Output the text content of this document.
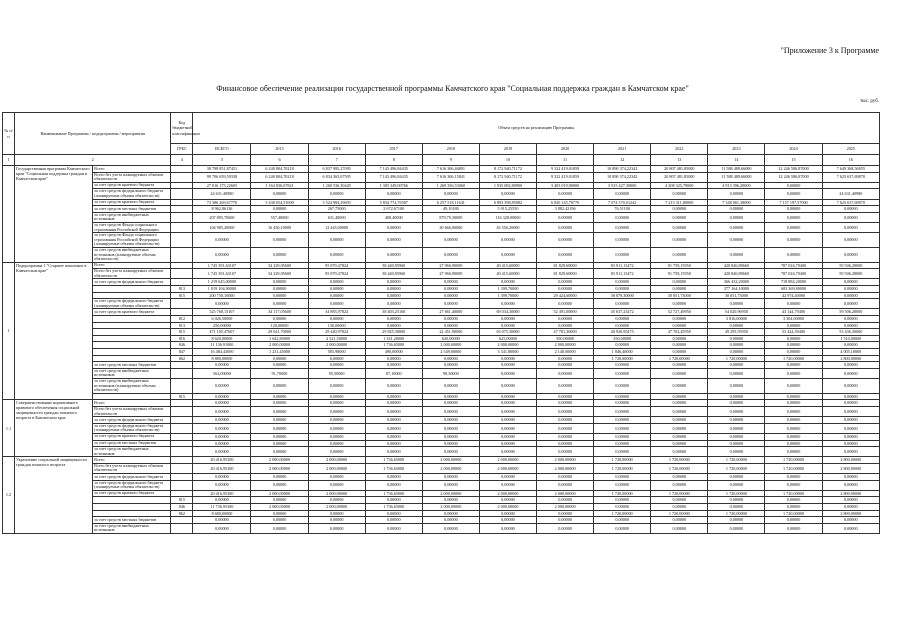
"Приложение 3 к Программе
Финансовое обеспечение реализации государственной программы Камчатского края "Социальная поддержка граждан в Камчатском крае"
тыс. руб.
№ п/п	Наименование Программы / подпрограммы / мероприятия		Код бюджетной классификации	Объем средств на реализацию Программы											
			ГРБС	ВСЕГО	2015	2016	2017	2018	2019	2020	2021	2022	2023	2024	2025
1	2		4	5	6	7	8	9	10	11	12	13	14	15	16
	Государственная программа Камчатского края "Социальная поддержка граждан в Камчатском крае"	Всего		38 798 851,87451	6 240 804,70218	6 837 985,27095	7 143 496,84435	7 616 306,46891	8 172 940,71172	9 322 419,01859	10 890 374,22342	20 807 481,85000	11 588 489,66000	12 246 586,87000	7 649 368,56855
		Всего без учета планируемых объемов обязательств		99 706 659,59338	6 240 804,70218	6 834 365,07595	7 143 496,84435	7 616 306,15841	8 172 940,71172	9 322 419,01859	10 890 374,22342	20 807 481,85000	11 588 489,66000	12 246 586,87000	7 625 637,69870
		за счет средств краевого бюджета		27 016 175,22605	1 164 836,67821	1 260 536,30445	1 305 349,00766	1 269 356,53060	1 935 082,80900	3 403 019,90000	3 915 427,30000	4 208 325,79000	4 913 396,20000	0,00000	
		за счет средств федерального бюджета (планируемые объемы обязательств)		24 631,40980	0,00000	0,00000	0,00000	0,00000	0,00000	0,00000	0,00000	0,00000	0,00000	0,00000	24 631,40980
		за счет средств краевого бюджета		73 386 269,67770	5 438 654,51000	5 524 984,29693	5 834 774,76587	6 257 518,11641	6 893 398,85082	6 820 145,76770	7 074 570,01242	7 213 311,80000	7 348 061,38000	7 157 197,57000	7 625 637,69870
		за счет средств местных бюджетов		8 962,86136	0,00000	267,75000	2 672,67100	49,10180	5 915,25550	3 882,42196	76,51100	0,00000	0,00000	0,00000	0,00000
		за счет средств внебюджетных источников		207 895,70600	557,40000	631,40000	400,40000	879,79,30000	116 328,00000	0,00000	0,00000	0,00000	0,00000	0,00000	0,00000
		за счет средств Фонда социального страхования Российской Федерации		104 985,20000	16 450,10000	12 443,00000	0,00000	30 666,00000	45 556,20000	0,00000	0,00000	0,00000	0,00000	0,00000	0,00000
		за счет средств Фонда социального страхования Российской Федерации (планируемые объемы обязательств)		0,00000	0,00000	0,00000	0,00000	0,00000	0,00000	0,00000	0,00000	0,00000	0,00000	0,00000	0,00000
		за счет средств внебюджетных источников (планируемые объемы обязательств)		0,00000	0,00000	0,00000	0,00000	0,00000	0,00000	0,00000	0,00000	0,00000	0,00000	0,00000	0,00000
1	Подпрограмма 1 "Старшее поколение в Камчатском крае"	Всего		1 745 391,63107	34 229,05600	95 879,47824	38 440,95960	27 966,90000	40 415,60000	81 829,60000	83 911,13472	91 759,15950	420 846,89660	787 024,79400	59 506,28000
		Всего без учета планируемых объемов обязательств		1 745 391,63107	34 229,05600	95 879,47824	38 440,95960	27 966,90000	40 415,60000	81 829,60000	83 911,13472	91 759,15950	420 846,89660	787 024,79400	59 506,28000
		за счет средств федерального бюджета		1 219 645,00000	0,00000	0,00000	0,00000	0,00000	0,00000	0,00000	0,00000	0,00000	366 432,20000	718 884,20000	0,00000
			813	1 019 104,90000	0,00000	0,00000	0,00000	0,00000	1 399,70000	0,00000	0,00000	0,00000	377 164,10000	683 369,80000	0,00000
			815	200 750,10000	0,00000	0,00000	0,00000	0,00000	1 399,70000	29 424,60000	38 879,30000	30 051,73000	30 051,73000	42 974,40000	0,00000
		за счет средств федерального бюджета (планируемые объемы обязательств)		0,00000	0,00000	0,00000	0,00000	0,00000	0,00000	0,00000	0,00000	0,00000	0,00000	0,00000	0,00000
		за счет средств краевого бюджета		525 760,15107	34 117,05600	34 883,97824	38 403,25160	27 661,40000	69 034,30000	52 491,00000	45 637,23472	52 727,49950	54 020,96950	43 144,79400	59 506,28000
			812	6 026,50000	0,00000	0,00000	0,00000	0,00000	0,00000	0,00000	0,00000	0,00000	3 816,00000	3 304,00000	0,00000
			813	250,00000	120,00000	130,00000	0,00000	0,00000	0,00000	0,00000	0,00000	0,00000	0,00000	0,00000	0,00000
			815	471 105,47607	29 041,70000	29 440,97824	29 825,30000	22 451,90000	63 075,30000	47 781,30000	40 926,95475	47 702,45950	49 295,95950	53 424,39400	53 436,30000
			816	8 620,00000	1 642,80000	2 521,50000	1 341,20000	620,00000	625,00000	500,00000	350,00000	0,00000	0,00000	0,00000	1 510,00000
			846	11 136,91000	2 000,00000	2 000,00000	1 736,65000	2 000,00000	2 000,00000	2 000,00000	0,00000	0,00000	0,00000	0,00000	0,00000
			847	16 484,43000	1 231,45000	583,98000	490,00000	2 549,00000	3 341,80000	2 140,00000	1 846,40000	0,00000	0,00000	0,00000	4 005,18000
			862	8 880,00000	0,00000	0,00000	0,00000	0,00000	0,00000	0,00000	1 720,00000	1 720,00000	1 720,00000	1 720,00000	2 800,00000
		за счет средств местных бюджетов		0,00000	0,00000	0,00000	0,00000	0,00000	0,00000	0,00000	0,00000	0,00000	0,00000	0,00000	0,00000
		за счет средств внебюджетных источников		562,00000	91,70000	95,50000	87,10000	98,30000	0,00000	0,00000	0,00000	0,00000	0,00000	0,00000	0,00000
		за счет средств внебюджетных источников (планируемые объемы обязательств)		0,00000	0,00000	0,00000	0,00000	0,00000	0,00000	0,00000	0,00000	0,00000	0,00000	0,00000	0,00000
			815	0,00000	0,00000	0,00000	0,00000	0,00000	0,00000	0,00000	0,00000	0,00000	0,00000	0,00000	0,00000
1.1	Совершенствование нормативного правового обеспечения социальной защищенности граждан пожилого возраста в Камчатском крае	Всего		0,00000	0,00000	0,00000	0,00000	0,00000	0,00000	0,00000	0,00000	0,00000	0,00000	0,00000	0,00000
		Всего без учета планируемых объемов обязательств		0,00000	0,00000	0,00000	0,00000	0,00000	0,00000	0,00000	0,00000	0,00000	0,00000	0,00000	0,00000
		за счет средств федерального бюджета		0,00000	0,00000	0,00000	0,00000	0,00000	0,00000	0,00000	0,00000	0,00000	0,00000	0,00000	0,00000
		за счет средств федерального бюджета (планируемые объемы обязательств)		0,00000	0,00000	0,00000	0,00000	0,00000	0,00000	0,00000	0,00000	0,00000	0,00000	0,00000	0,00000
		за счет средств краевого бюджета		0,00000	0,00000	0,00000	0,00000	0,00000	0,00000	0,00000	0,00000	0,00000	0,00000	0,00000	0,00000
		за счет средств местных бюджетов		0,00000	0,00000	0,00000	0,00000	0,00000	0,00000	0,00000	0,00000	0,00000	0,00000	0,00000	0,00000
		за счет средств внебюджетных источников		0,00000	0,00000	0,00000	0,00000	0,00000	0,00000	0,00000	0,00000	0,00000	0,00000	0,00000	0,00000
1.2	Укрепление социальной защищенности граждан пожилого возраста	Всего		20 416,95300	2 000,00000	2 000,00000	1 736,65000	2 000,00000	2 000,00000	2 000,00000	1 720,00000	1 720,00000	1 720,00000	1 720,00000	2 800,00000
		Всего без учета планируемых объемов обязательств		20 416,95300	2 000,00000	2 000,00000	1 736,65000	2 000,00000	2 000,00000	2 000,00000	1 720,00000	1 720,00000	1 720,00000	1 720,00000	2 800,00000
		за счет средств федерального бюджета		0,00000	0,00000	0,00000	0,00000	0,00000	0,00000	0,00000	0,00000	0,00000	0,00000	0,00000	0,00000
		за счет средств федерального бюджета (планируемые объемы обязательств)		0,00000	0,00000	0,00000	0,00000	0,00000	0,00000	0,00000	0,00000	0,00000	0,00000	0,00000	0,00000
		за счет средств краевого бюджета		20 416,95300	2 000,00000	2 000,00000	1 736,65000	2 000,00000	2 000,00000	2 000,00000	1 720,00000	1 720,00000	1 720,00000	1 720,00000	2 800,00000
			815	0,00000	0,00000	0,00000	0,00000	0,00000	0,00000	0,00000	0,00000	0,00000	0,00000	0,00000	0,00000
			846	11 736,95300	2 000,00000	2 000,00000	1 736,65000	2 000,00000	2 000,00000	2 000,00000	0,00000	0,00000	0,00000	0,00000	0,00000
			862	8 680,00000	0,00000	0,00000	0,00000	0,00000	0,00000	0,00000	1 720,00000	1 720,00000	1 720,00000	1 720,00000	2 800,00000
		за счет средств местных бюджетов		0,00000	0,00000	0,00000	0,00000	0,00000	0,00000	0,00000	0,00000	0,00000	0,00000	0,00000	0,00000
		за счет средств внебюджетных источников		0,00000	0,00000	0,00000	0,00000	0,00000	0,00000	0,00000	0,00000	0,00000	0,00000	0,00000	0,00000
